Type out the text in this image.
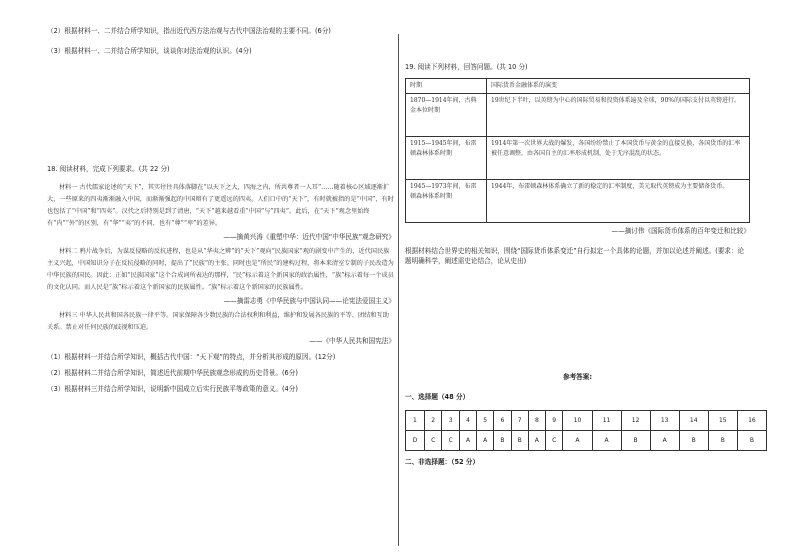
（2）根据材料一、二并结合所学知识，指出近代西方法治观与古代中国法治观的主要不同。(6分)

（3）根据材料一、二并结合所学知识，谈谈你对法治观的认识。(4分)

18. 阅读材料，完成下列要求。(共 22 分)

材料一 古代儒家论述的“天下”，其实往往具体落脚在“以天下之大，四海之内，所共尊者一人耳”……随着核心区域逐渐扩大，一些原来的四夷渐渐融入中国，而渐渐强起的中国辩有了更遥远的四夷。人们口中的“天下”，有时就被指的是“中国”，有时也包括了“中国”和“四夷”。汉代之后特别是到了清唐，“天下”越来越看重“中国”与“四夷”。此后，在“天下”观念里始终有“内”“外”的区别，有“华”“夷”的不同，也有“尊”“卑”的差异。

——摘黄兴涛《重塑中华：近代中国“中华民族”观念研究》

材料二 鸦片战争后，为谋反侵略的反抗进程，也是从“华夷之辨”的“天下”观向“民族国家”观的剧变中产生的，近代国民族主义兴起，中国知识分子在反抗侵略的同时，提出了“民族”的主张。同时也是“所民”的建构过程，将本来清室专制的子民改造为中华民族的国民。因此：正如“民族国家”这个合成词所表达的那样，“民”标示着这个新国家的政治属性，“族”标示着每一个成员的文化认同。而人民是“族”标示着这个新国家的民族属性。“族”标示着这个新国家的民族属性。

——摘雷志勇《中华民族与中国认同——论宪法爱国主义》

材料三 中华人民共和国各民族一律平等。国家保障各少数民族的合法权利和利益，维护和发展各民族的平等、团结和互助关系。禁止对任何民族的歧视和压迫。

——《中华人民共和国宪法》

（1）根据材料一并结合所学知识，概括古代中国：“天下观”的特点，并分析其形成的原因。(12分)

（2）根据材料二并结合所学知识，简述近代前期中华民族观念形成的历史背景。(6分)

（3）根据材料三并结合所学知识，说明新中国成立后实行民族平等政策的意义。(4分)

19. 阅读下列材料，回答问题。(共 10 分)

时期	国际货币金融体系的演变
1870—1914年间，古典金本位时期	19世纪下半叶，以英镑为中心的国际贸易和投资体系遍及全球，90%的国际支付以英镑进行。
1915—1945年间，布雷顿森林体系时期	1914年第一次世界大战的爆发，各国纷纷禁止了本国货币与黄金的直接兑换，各国货币的汇率被任意调整，由各国自主的汇率形成机制，处于无序混乱的状态。
1945—1973年间，布雷顿森林体系时期	1944年，布雷顿森林体系确立了新的稳定的汇率制度，美元取代英镑成为主要储备货币。

——摘讨伟《国际货币体系的百年变迁和比较》

根据材料结合世界史的相关知识，围绕“国际货币体系变迁”自行拟定一个具体的论题，并加以论述并阐述。(要求：论题明确科学，阐述需史论结合，论从史出)

参考答案:

一、选择题（48 分）

1	2	3	4	5	6	7	8	9	10	11	12	13	14	15	16
D	C	C	A	A	B	B	A	C	A	A	B	A	B	B	B

二、非选择题：（52 分）
